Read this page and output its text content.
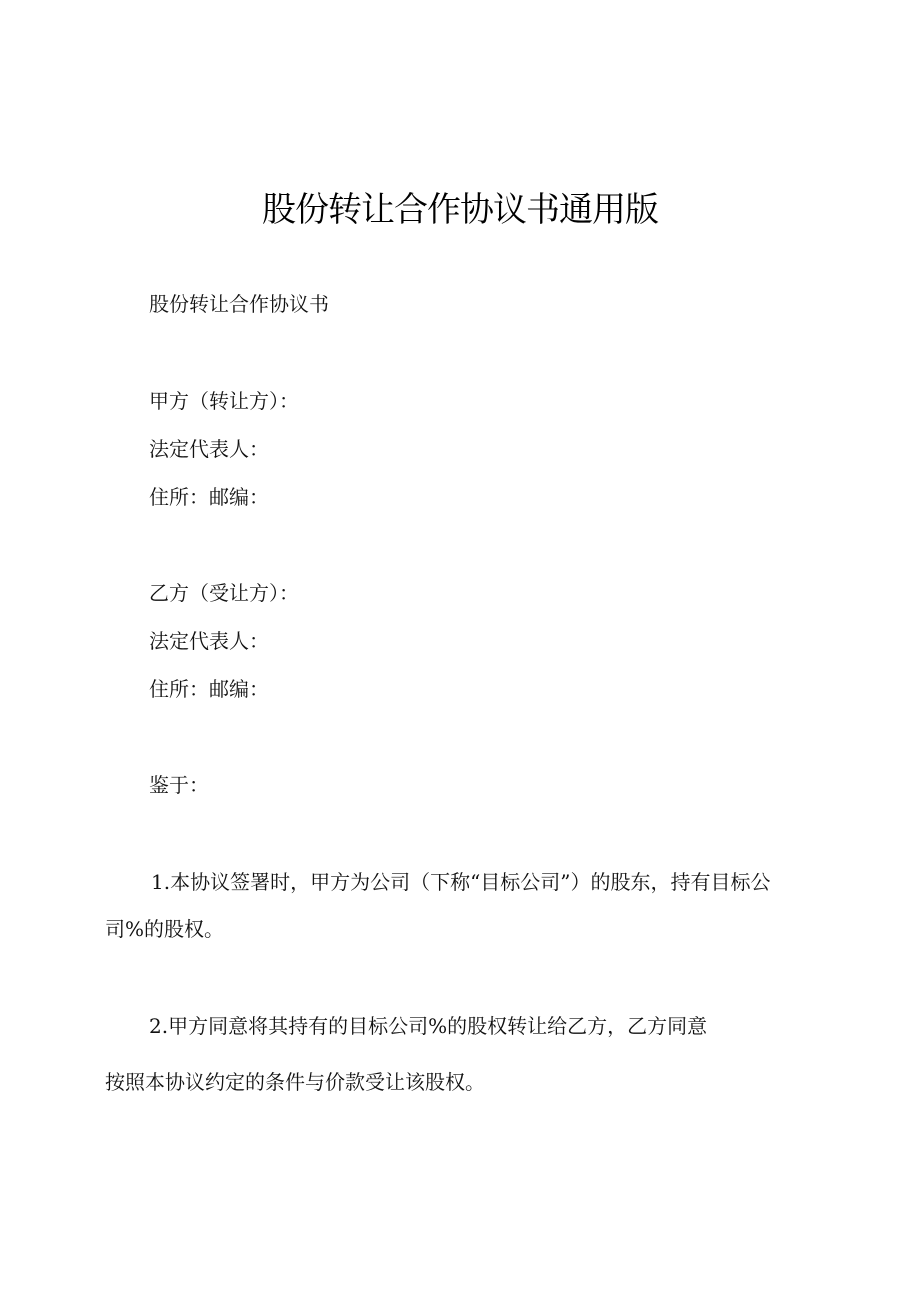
股份转让合作协议书通用版
股份转让合作协议书
甲方（转让方）：
法定代表人：
住所：邮编：
乙方（受让方）：
法定代表人：
住所：邮编：
鉴于：
1.本协议签署时，甲方为公司（下称“目标公司”）的股东，持有目标公
司%的股权。
2.甲方同意将其持有的目标公司%的股权转让给乙方，乙方同意
按照本协议约定的条件与价款受让该股权。
